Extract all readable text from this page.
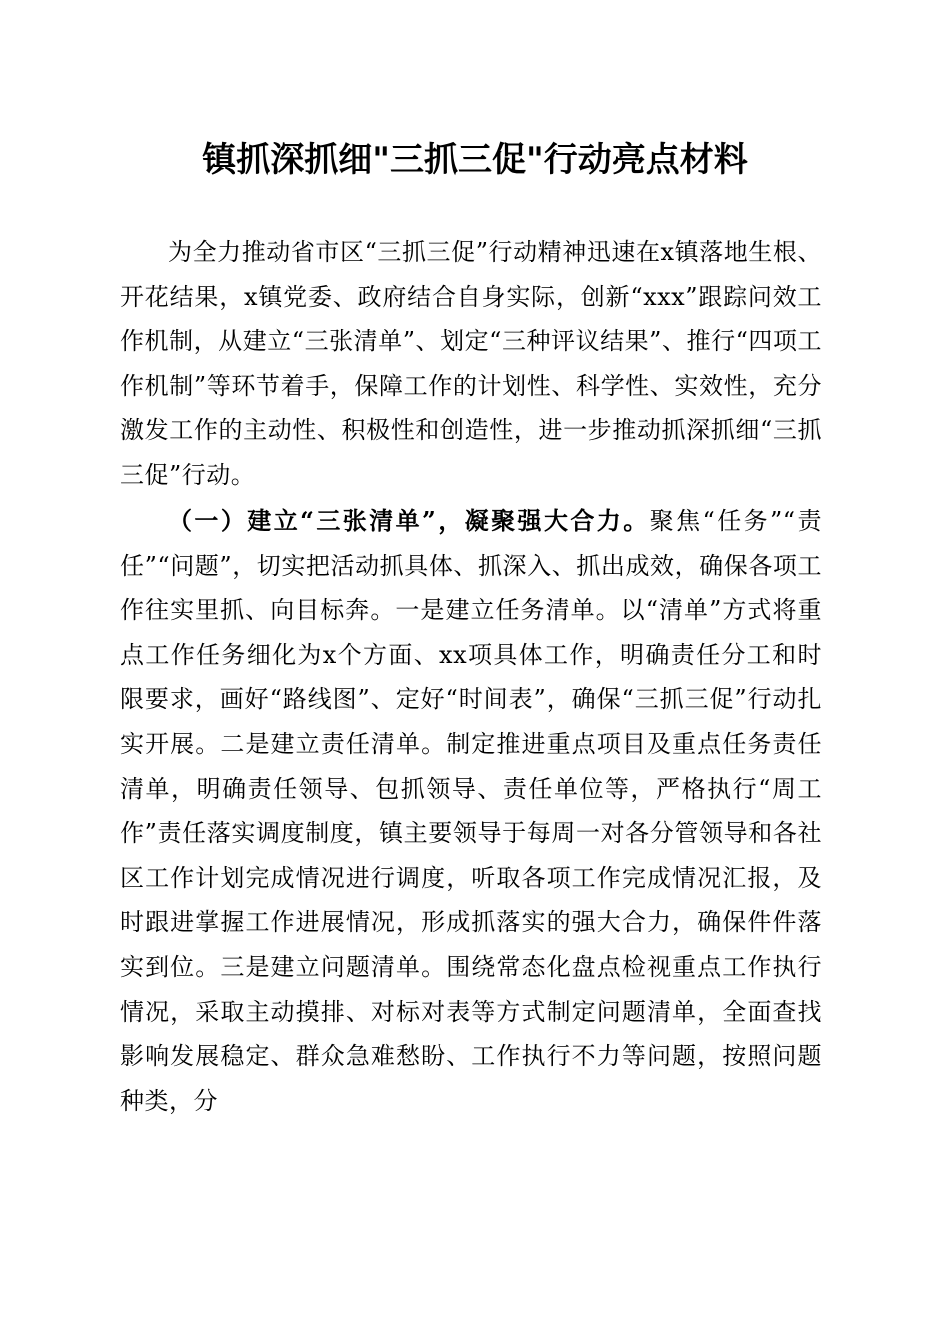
镇抓深抓细"三抓三促"行动亮点材料

为全力推动省市区“三抓三促”行动精神迅速在x镇落地生根、开花结果，x镇党委、政府结合自身实际，创新“xxx”跟踪问效工作机制，从建立“三张清单”、划定“三种评议结果”、推行“四项工作机制”等环节着手，保障工作的计划性、科学性、实效性，充分激发工作的主动性、积极性和创造性，进一步推动抓深抓细“三抓三促”行动。

（一）建立“三张清单”，凝聚强大合力。聚焦“任务”“责任”“问题”，切实把活动抓具体、抓深入、抓出成效，确保各项工作往实里抓、向目标奔。一是建立任务清单。以“清单”方式将重点工作任务细化为x个方面、xx项具体工作，明确责任分工和时限要求，画好“路线图”、定好“时间表”，确保“三抓三促”行动扎实开展。二是建立责任清单。制定推进重点项目及重点任务责任清单，明确责任领导、包抓领导、责任单位等，严格执行“周工作”责任落实调度制度，镇主要领导于每周一对各分管领导和各社区工作计划完成情况进行调度，听取各项工作完成情况汇报，及时跟进掌握工作进展情况，形成抓落实的强大合力，确保件件落实到位。三是建立问题清单。围绕常态化盘点检视重点工作执行情况，采取主动摸排、对标对表等方式制定问题清单，全面查找影响发展稳定、群众急难愁盼、工作执行不力等问题，按照问题种类，分
